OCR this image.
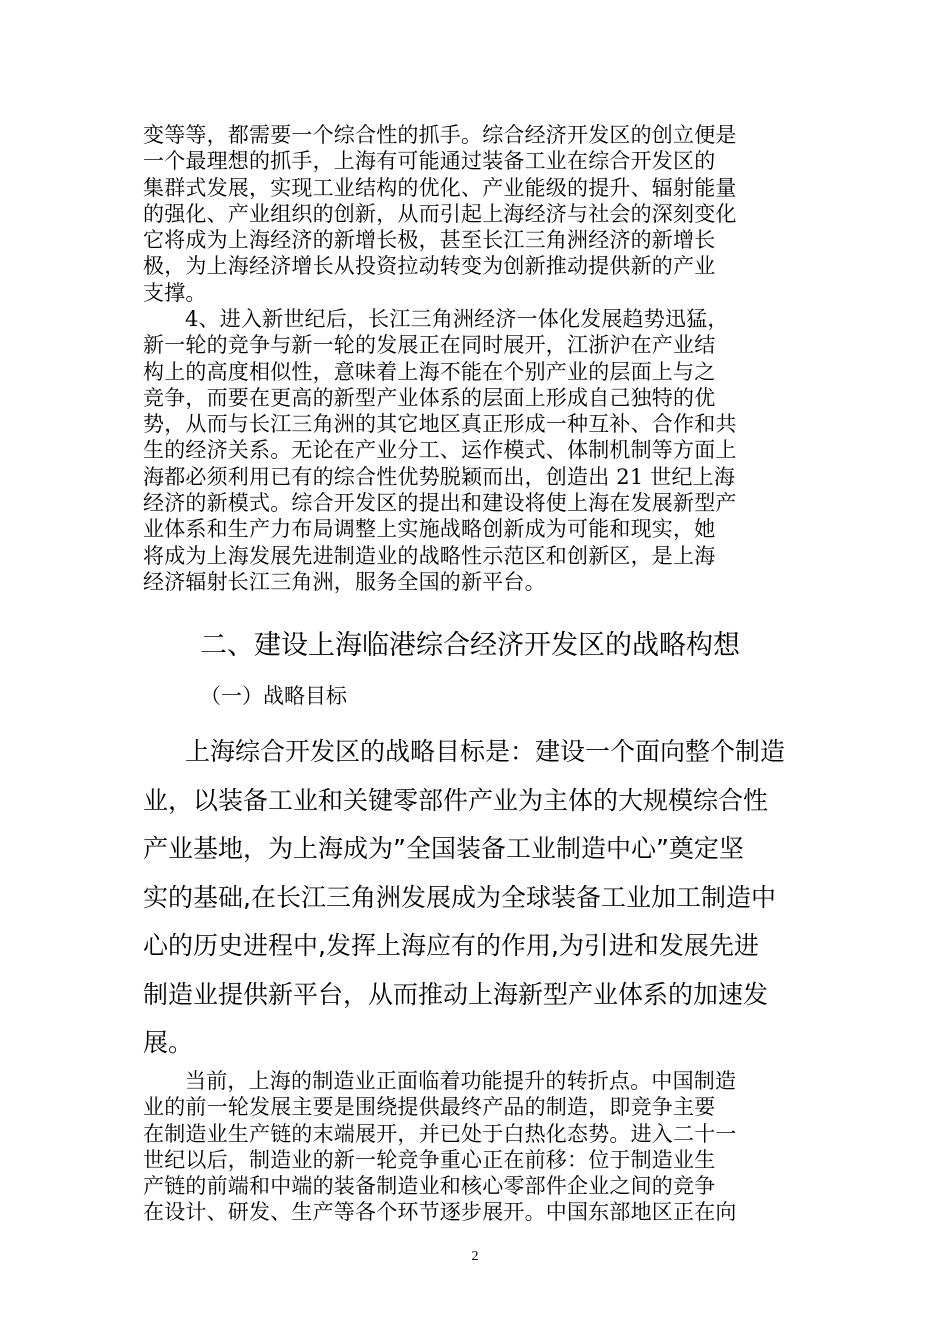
变等等，都需要一个综合性的抓手。综合经济开发区的创立便是
一个最理想的抓手，上海有可能通过装备工业在综合开发区的
集群式发展，实现工业结构的优化、产业能级的提升、辐射能量
的强化、产业组织的创新，从而引起上海经济与社会的深刻变化
它将成为上海经济的新增长极，甚至长江三角洲经济的新增长
极，为上海经济增长从投资拉动转变为创新推动提供新的产业
支撑。
4、进入新世纪后，长江三角洲经济一体化发展趋势迅猛，
新一轮的竞争与新一轮的发展正在同时展开，江浙沪在产业结
构上的高度相似性，意味着上海不能在个别产业的层面上与之
竞争，而要在更高的新型产业体系的层面上形成自己独特的优
势，从而与长江三角洲的其它地区真正形成一种互补、合作和共
生的经济关系。无论在产业分工、运作模式、体制机制等方面上
海都必须利用已有的综合性优势脱颖而出，创造出 21 世纪上海
经济的新模式。综合开发区的提出和建设将使上海在发展新型产
业体系和生产力布局调整上实施战略创新成为可能和现实，她
将成为上海发展先进制造业的战略性示范区和创新区，是上海
经济辐射长江三角洲，服务全国的新平台。
二、建设上海临港综合经济开发区的战略构想
（一）战略目标
上海综合开发区的战略目标是：建设一个面向整个制造
业，以装备工业和关键零部件产业为主体的大规模综合性
产业基地，为上海成为”全国装备工业制造中心”奠定坚
实的基础,在长江三角洲发展成为全球装备工业加工制造中
心的历史进程中,发挥上海应有的作用,为引进和发展先进
制造业提供新平台，从而推动上海新型产业体系的加速发
展。
当前，上海的制造业正面临着功能提升的转折点。中国制造
业的前一轮发展主要是围绕提供最终产品的制造，即竞争主要
在制造业生产链的末端展开，并已处于白热化态势。进入二十一
世纪以后，制造业的新一轮竞争重心正在前移：位于制造业生
产链的前端和中端的装备制造业和核心零部件企业之间的竞争
在设计、研发、生产等各个环节逐步展开。中国东部地区正在向

2
